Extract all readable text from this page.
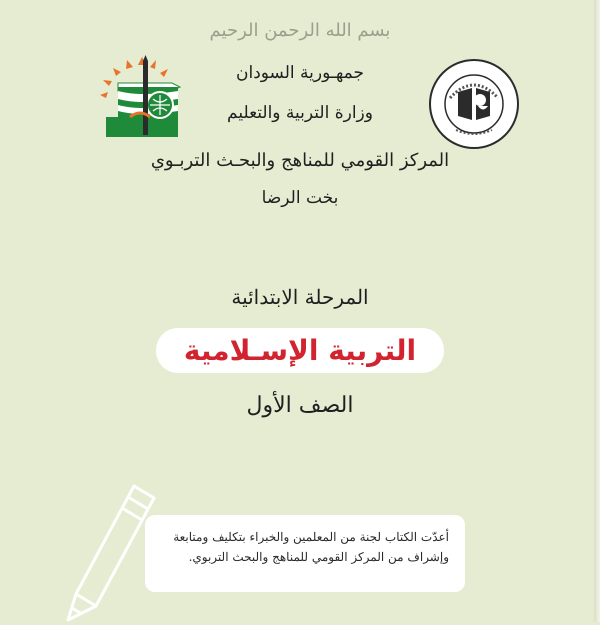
بسم الله الرحمن الرحيم
جمهـورية السودان
وزارة التربية والتعليم
المركز القومي للمناهج والبحـث التربـوي
بخت الرضا
المرحلة الابتدائية
التربية الإسـلامية
الصف الأول
أعدّت الكتاب لجنة من المعلمين والخبراء بتكليف ومتابعة
وإشراف من المركز القومي للمناهج والبحث التربوي.
